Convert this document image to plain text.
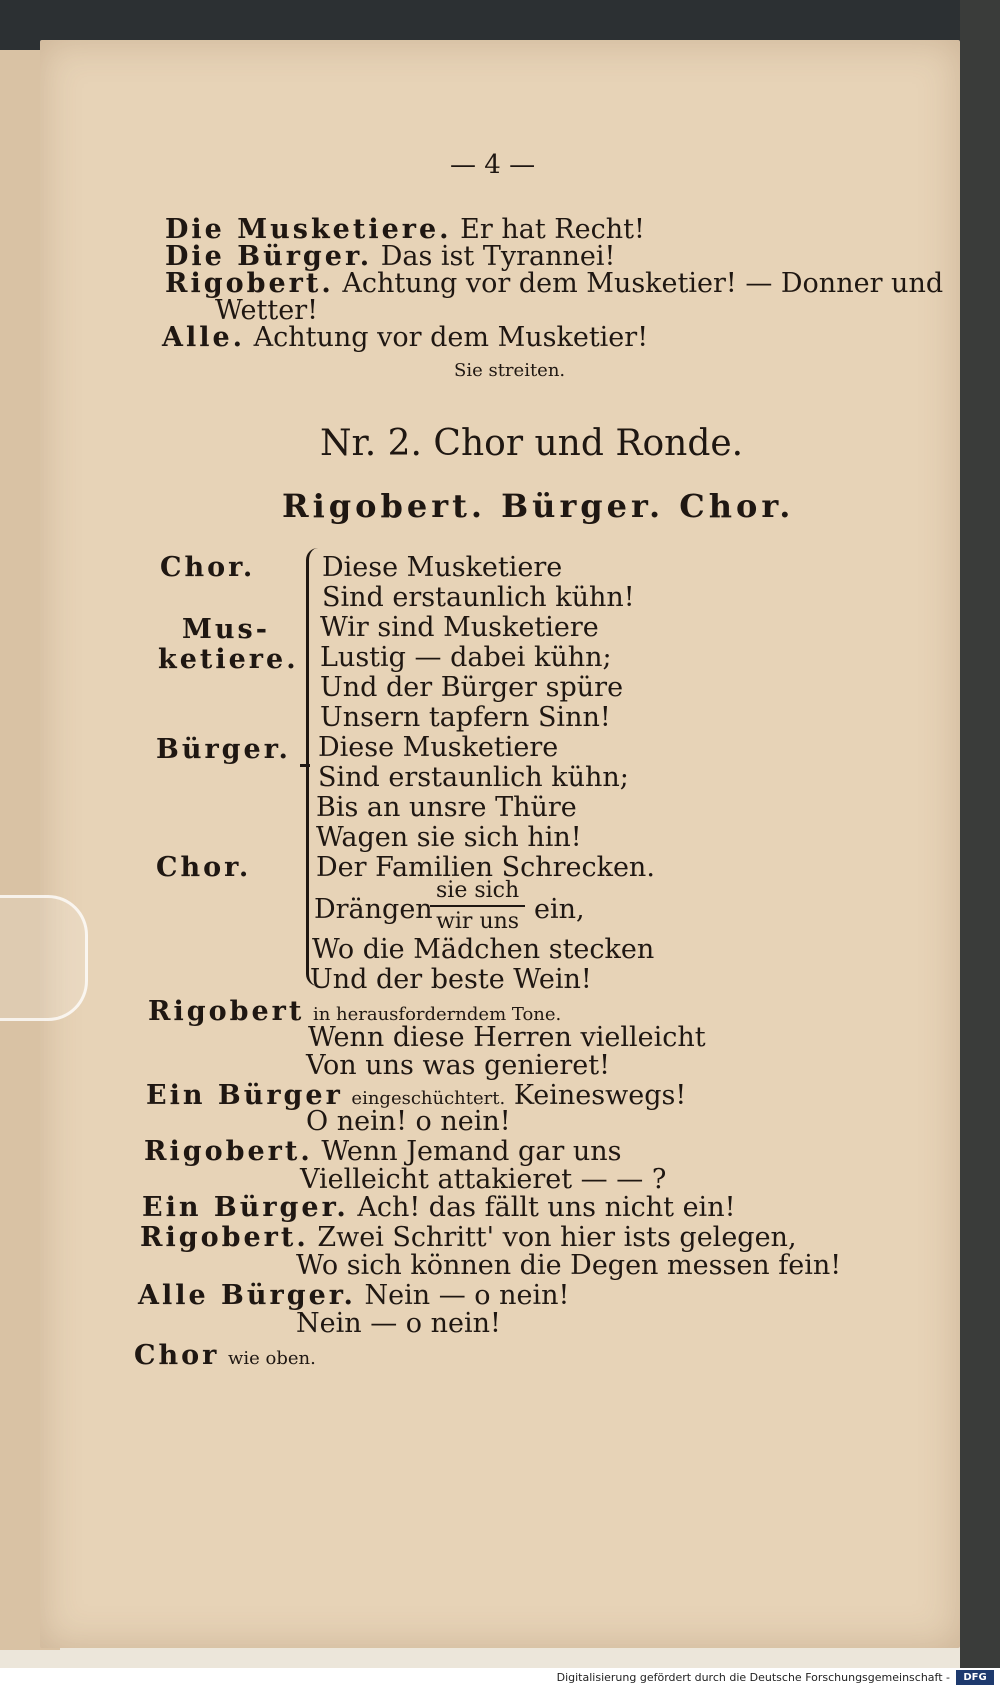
— 4 —
Die Musketiere. Er hat Recht!
Die Bürger. Das ist Tyrannei!
Rigobert. Achtung vor dem Musketier! — Donner und
Wetter!
Alle. Achtung vor dem Musketier!
Sie streiten.
Nr. 2. Chor und Ronde.
Rigobert. Bürger. Chor.
Chor.
Mus-
ketiere.
Bürger.
Chor.
Diese Musketiere
Sind erstaunlich kühn!
Wir sind Musketiere
Lustig — dabei kühn;
Und der Bürger spüre
Unsern tapfern Sinn!
Diese Musketiere
Sind erstaunlich kühn;
Bis an unsre Thüre
Wagen sie sich hin!
Der Familien Schrecken.
Drängen
sie sich
wir uns ein,
Wo die Mädchen stecken
Und der beste Wein!
Rigobert in herausforderndem Tone.
Wenn diese Herren vielleicht
Von uns was genieret!
Ein Bürger eingeschüchtert. Keineswegs!
O nein! o nein!
Rigobert. Wenn Jemand gar uns
Vielleicht attakieret — — ?
Ein Bürger. Ach! das fällt uns nicht ein!
Rigobert. Zwei Schritt' von hier ists gelegen,
Wo sich können die Degen messen fein!
Alle Bürger. Nein — o nein!
Nein — o nein!
Chor wie oben.
Digitalisierung gefördert durch die Deutsche Forschungsgemeinschaft -	DFG
